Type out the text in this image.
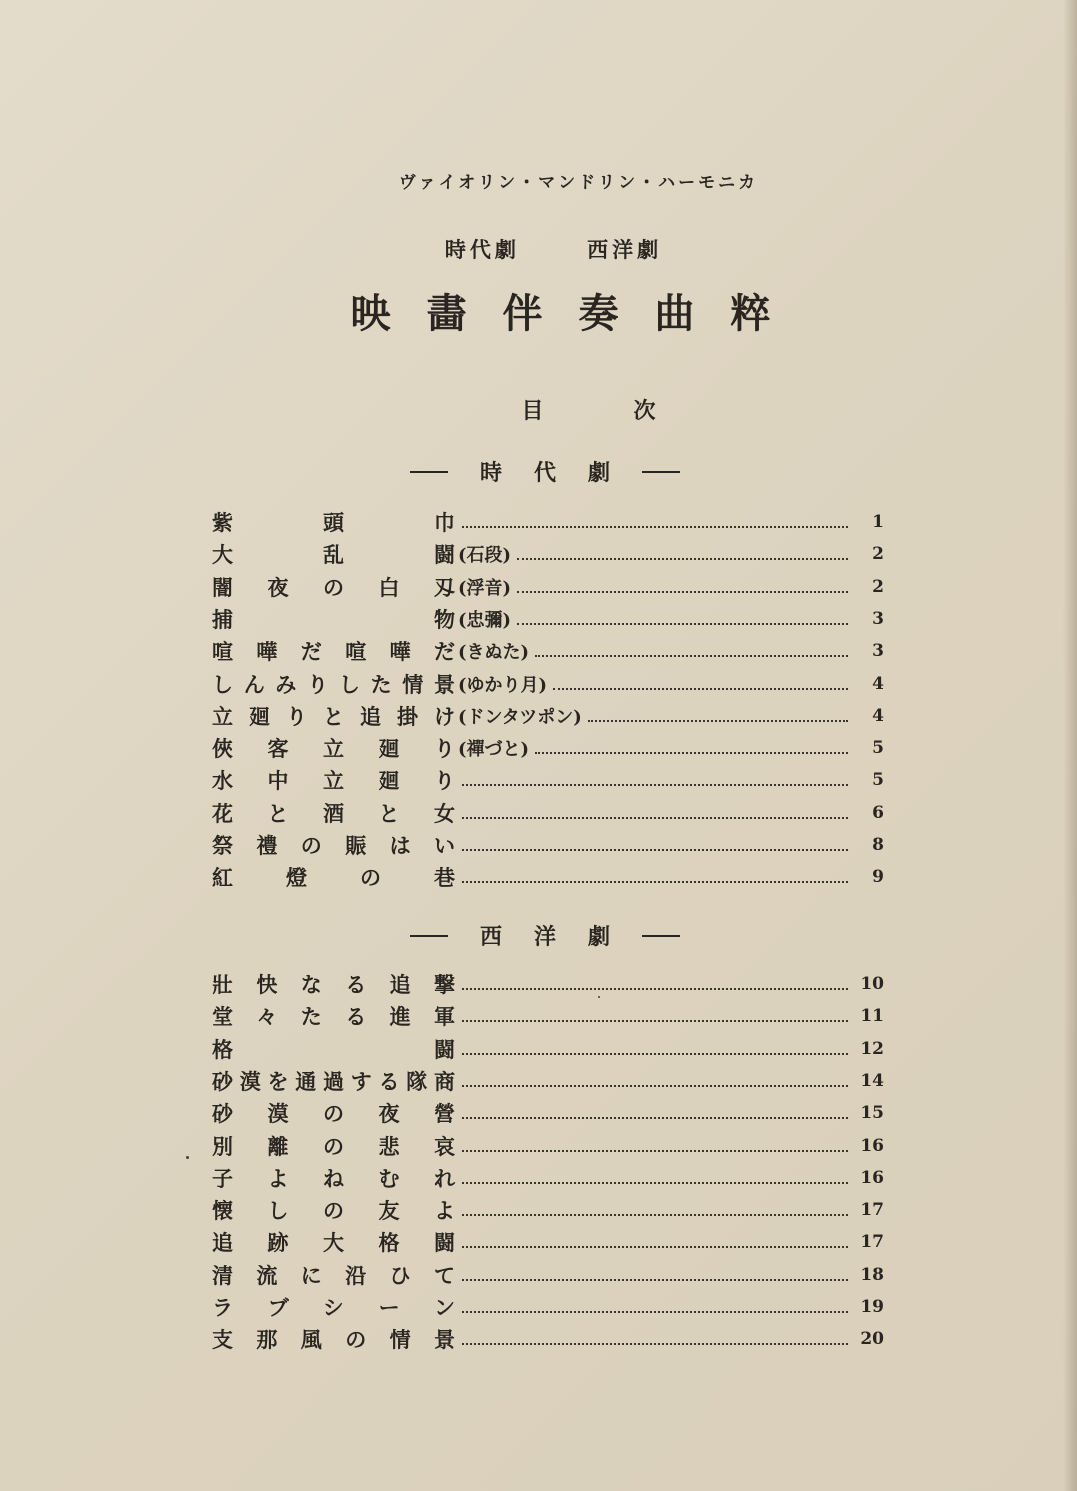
ヴァイオリン・マンドリン・ハーモニカ
時代劇	西洋劇
映畵伴奏曲粹
目次
時 代 劇
紫頭巾	1
大乱闘 (石段)	2
闇夜の白刄 (浮音)	2
捕物 (忠彌)	3
喧嘩だ喧嘩だ (きぬた)	3
しんみりした情景 (ゆかり月)	4
立廻りと追掛け (ドンタツポン)	4
俠客立廻り (禪づと)	5
水中立廻り	5
花と酒と女	6
祭禮の賑はい	8
紅燈の巷	9
西 洋 劇
壯快なる追撃	10
堂々たる進軍	11
格闘	12
砂漠を通過する隊商	14
砂漠の夜營	15
別離の悲哀	16
子よねむれ	16
懐しの友よ	17
追跡大格闘	17
清流に沿ひて	18
ラブシーン	19
支那風の情景	20
